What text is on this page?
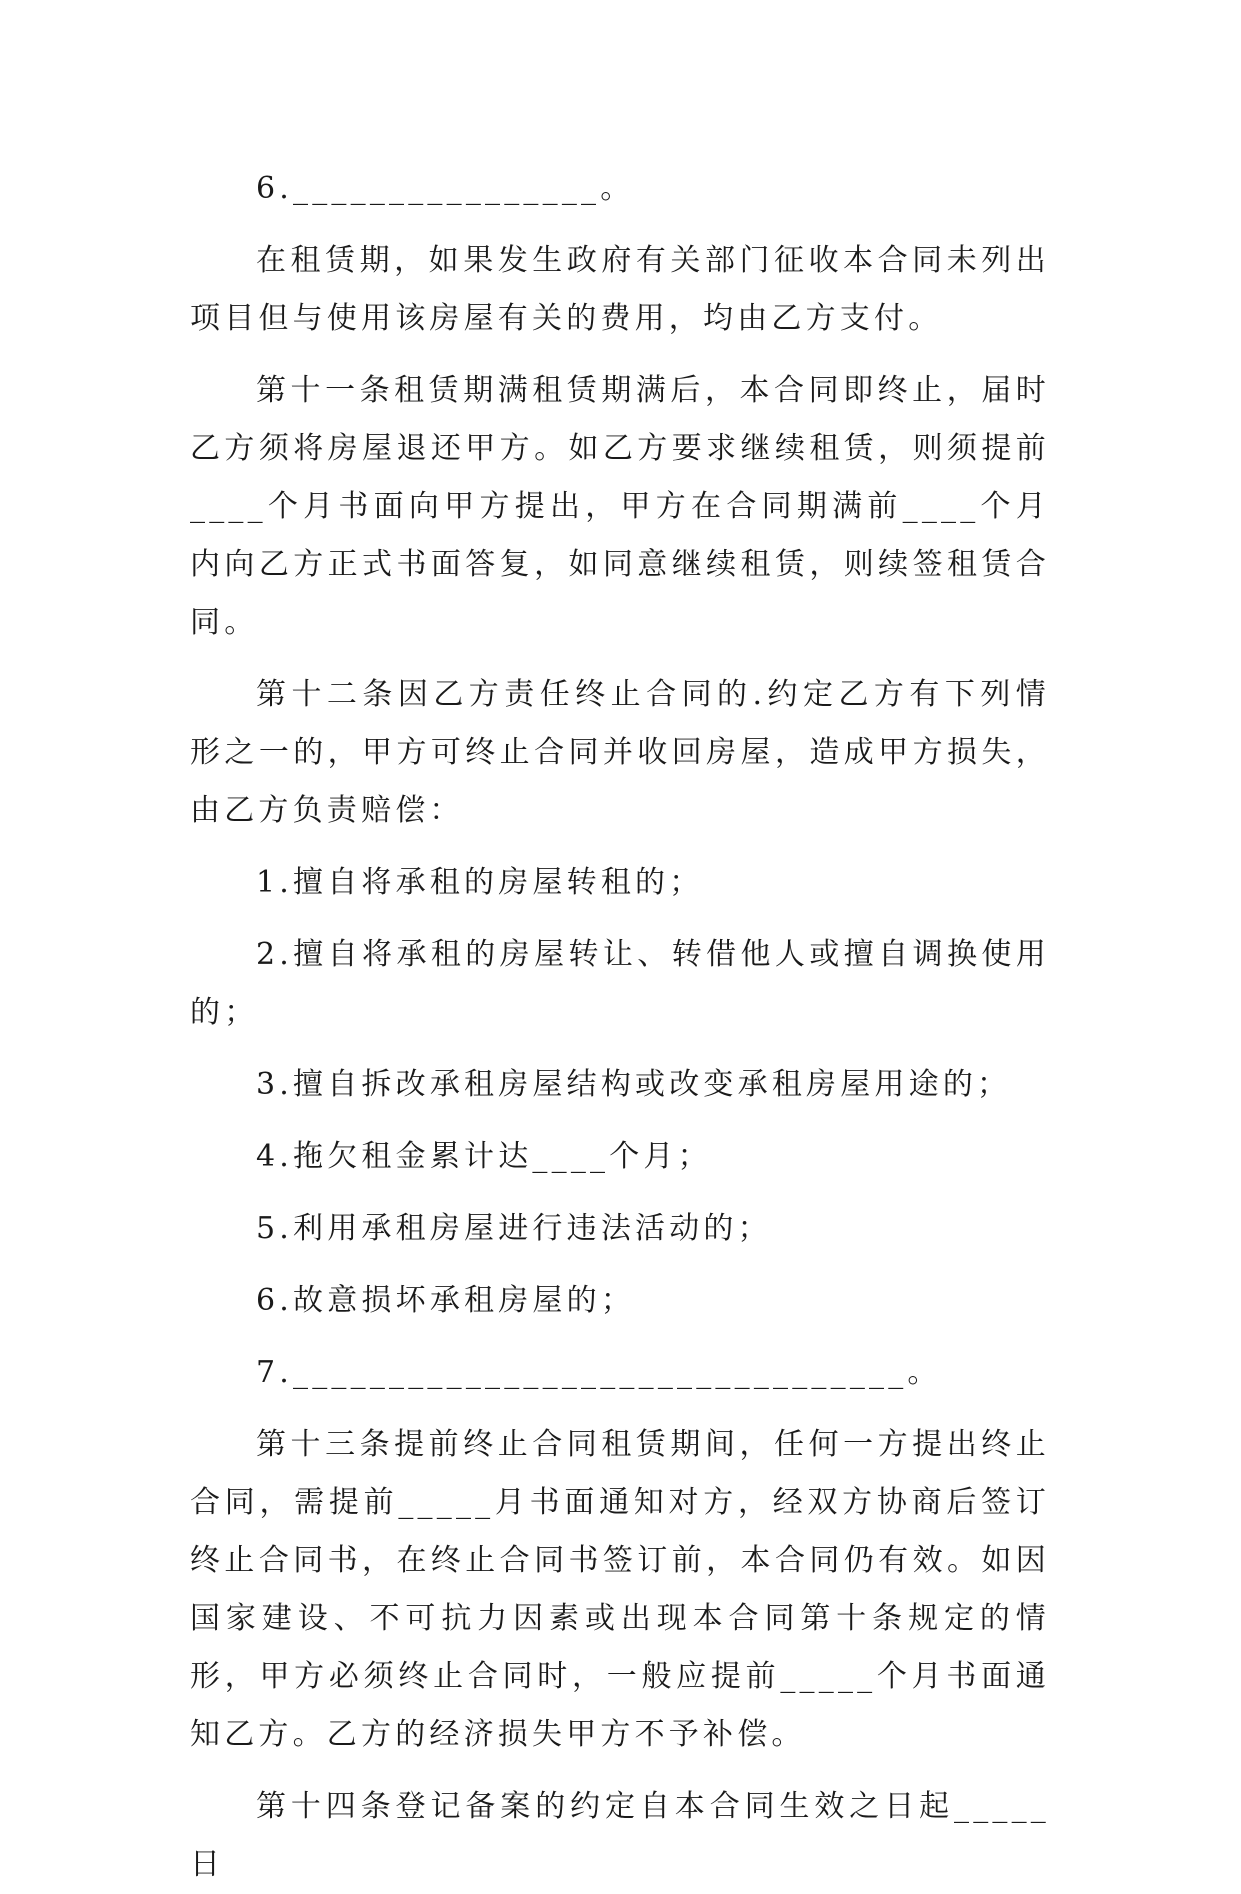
6.________________。

在租赁期，如果发生政府有关部门征收本合同未列出项目但与使用该房屋有关的费用，均由乙方支付。

第十一条租赁期满租赁期满后，本合同即终止，届时乙方须将房屋退还甲方。如乙方要求继续租赁，则须提前____个月书面向甲方提出，甲方在合同期满前____个月内向乙方正式书面答复，如同意继续租赁，则续签租赁合同。

第十二条因乙方责任终止合同的.约定乙方有下列情形之一的，甲方可终止合同并收回房屋，造成甲方损失，由乙方负责赔偿：

1.擅自将承租的房屋转租的；

2.擅自将承租的房屋转让、转借他人或擅自调换使用的；

3.擅自拆改承租房屋结构或改变承租房屋用途的；

4.拖欠租金累计达____个月；

5.利用承租房屋进行违法活动的；

6.故意损坏承租房屋的；

7.________________________________。

第十三条提前终止合同租赁期间，任何一方提出终止合同，需提前_____月书面通知对方，经双方协商后签订终止合同书，在终止合同书签订前，本合同仍有效。如因国家建设、不可抗力因素或出现本合同第十条规定的情形，甲方必须终止合同时，一般应提前_____个月书面通知乙方。乙方的经济损失甲方不予补偿。

第十四条登记备案的约定自本合同生效之日起_____日
